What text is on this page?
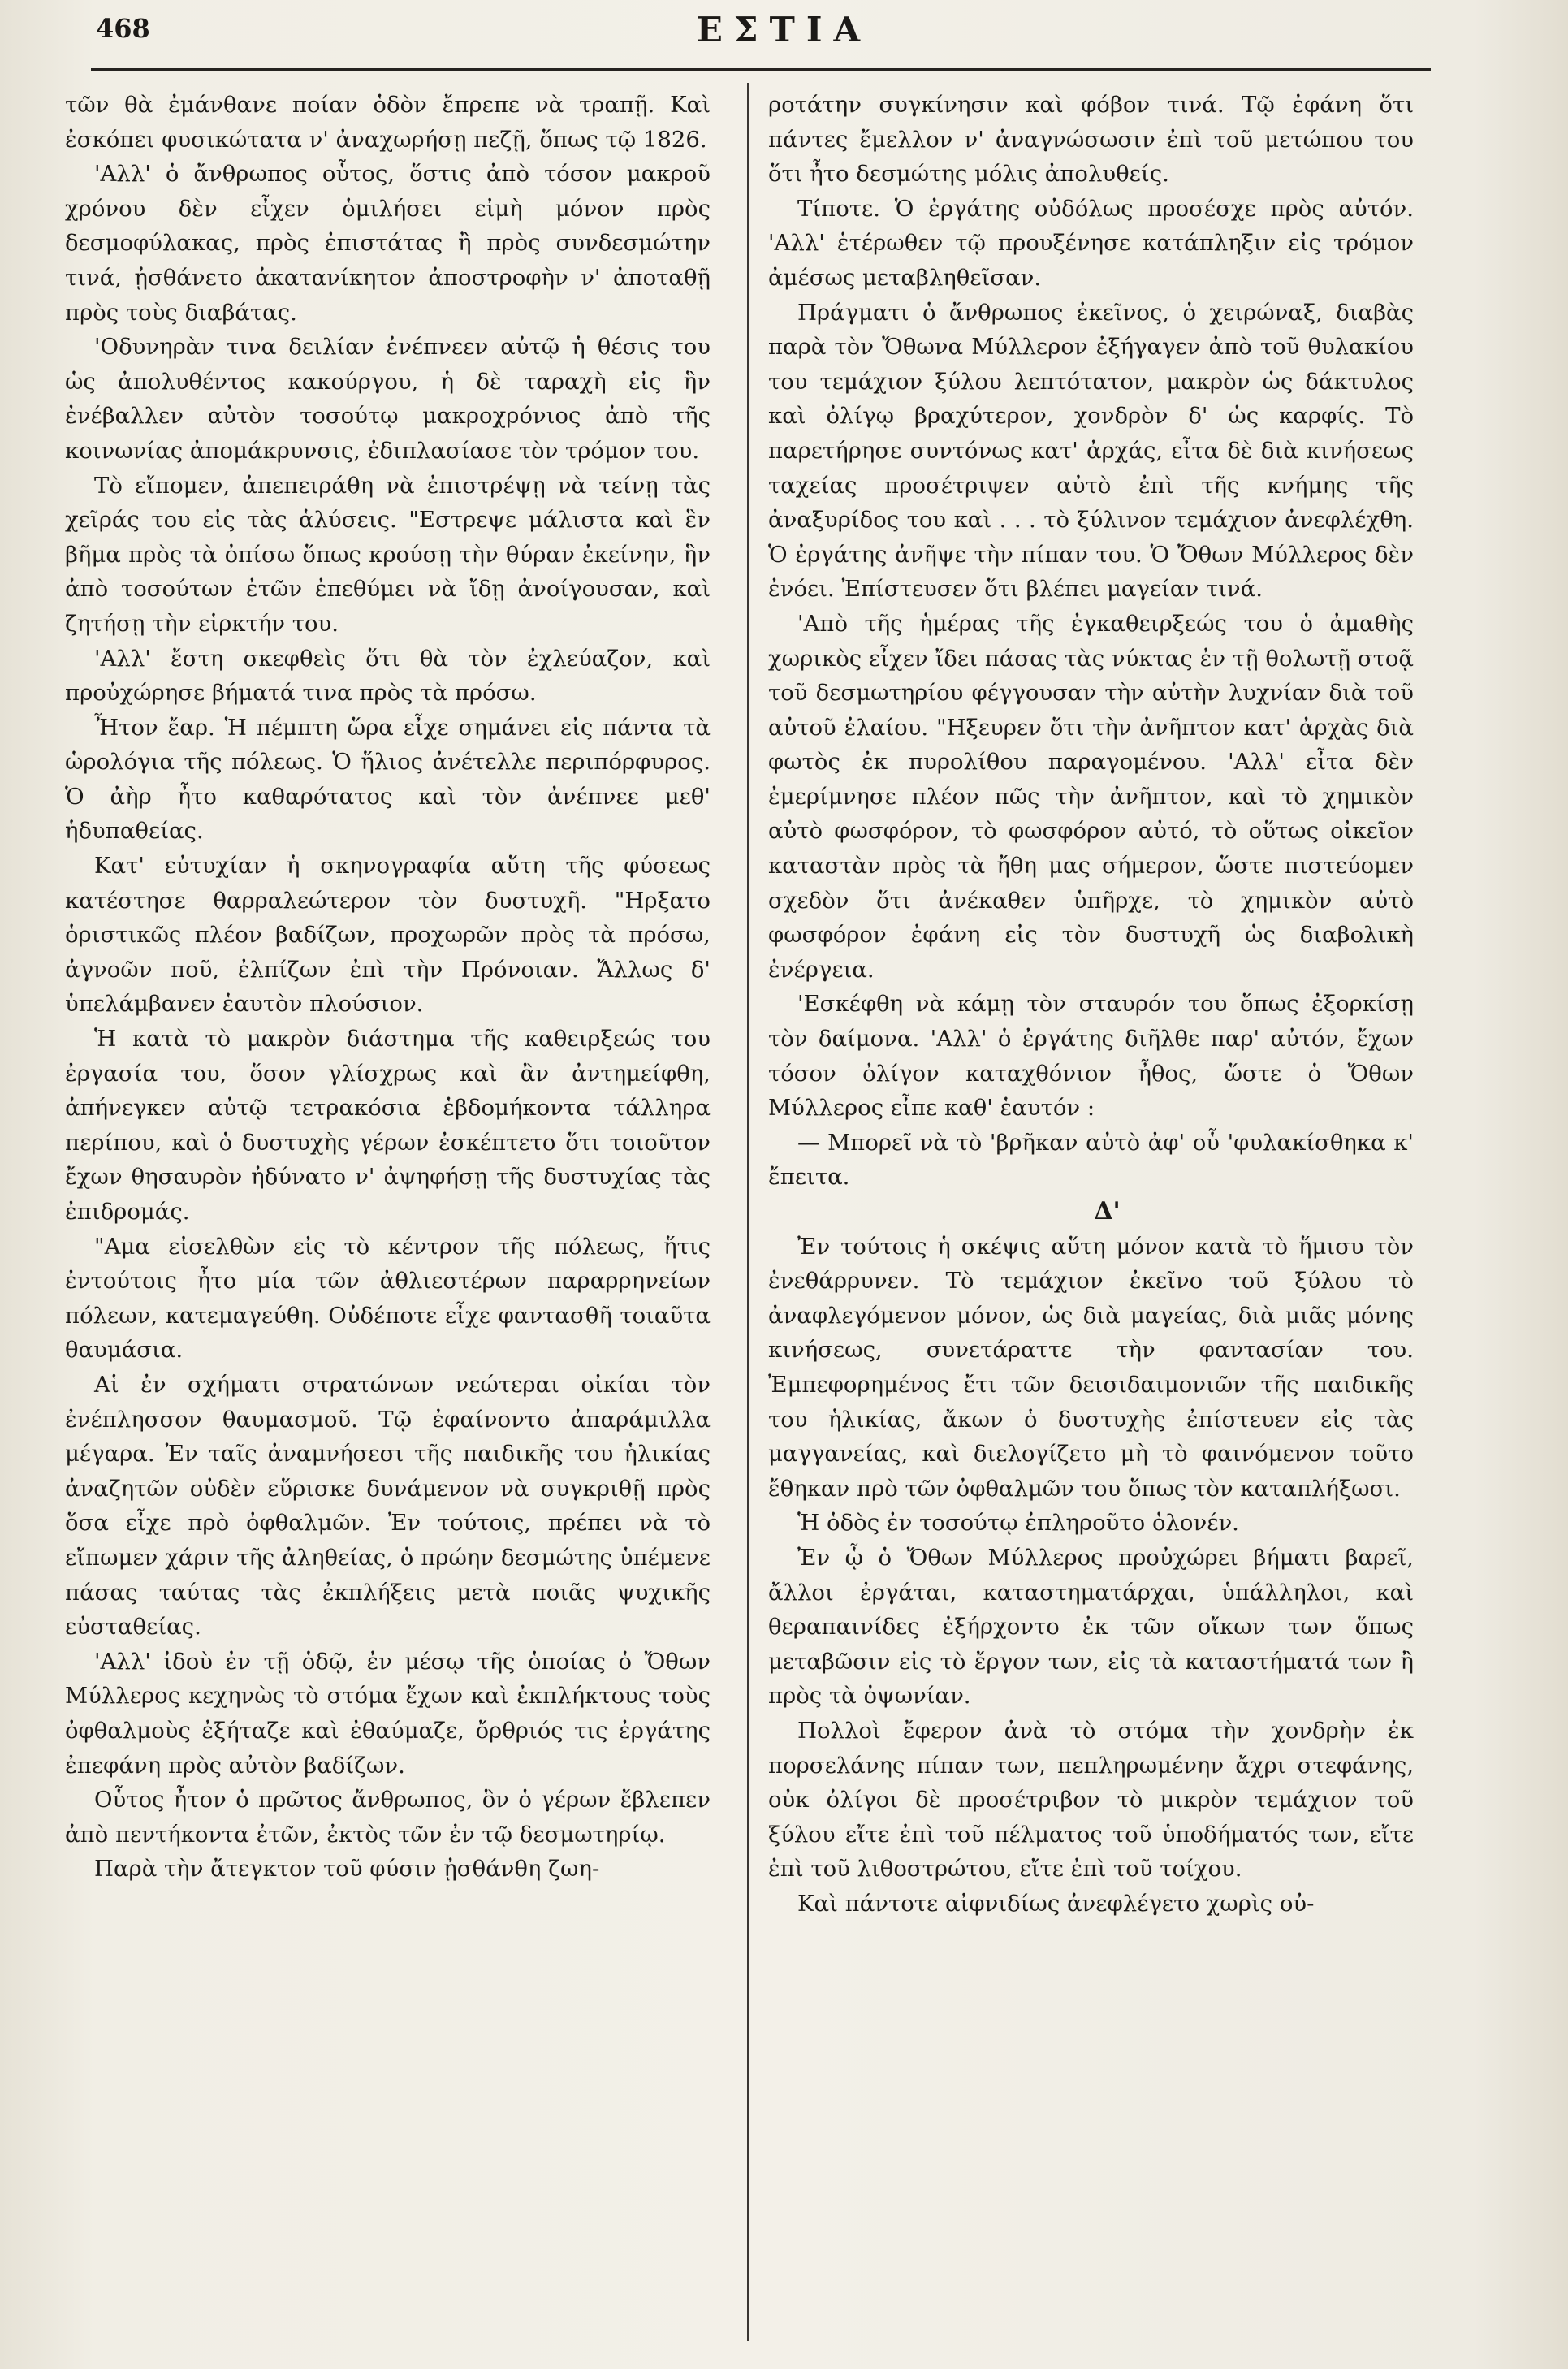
468	ΕΣΤΙΑ

τῶν θὰ ἐμάνθανε ποίαν ὁδὸν ἔπρεπε νὰ τραπῇ. Καὶ ἐσκόπει φυσικώτατα ν' ἀναχωρήσῃ πεζῇ, ὅπως τῷ 1826.

'Αλλ' ὁ ἄνθρωπος οὗτος, ὅστις ἀπὸ τόσον μακροῦ χρόνου δὲν εἶχεν ὁμιλήσει εἰμὴ μόνον πρὸς δεσμοφύλακας, πρὸς ἐπιστάτας ἢ πρὸς συνδεσμώτην τινά, ᾐσθάνετο ἀκατανίκητον ἀποστροφὴν ν' ἀποταθῇ πρὸς τοὺς διαβάτας.

'Οδυνηρὰν τινα δειλίαν ἐνέπνεεν αὐτῷ ἡ θέσις του ὡς ἀπολυθέντος κακούργου, ἡ δὲ ταραχὴ εἰς ἣν ἐνέβαλλεν αὐτὸν τοσούτῳ μακροχρόνιος ἀπὸ τῆς κοινωνίας ἀπομάκρυνσις, ἐδιπλασίασε τὸν τρόμον του.

Τὸ εἴπομεν, ἀπεπειράθη νὰ ἐπιστρέψῃ νὰ τείνῃ τὰς χεῖράς του εἰς τὰς ἁλύσεις. "Εστρεψε μάλιστα καὶ ἓν βῆμα πρὸς τὰ ὀπίσω ὅπως κρούσῃ τὴν θύραν ἐκείνην, ἣν ἀπὸ τοσούτων ἐτῶν ἐπεθύμει νὰ ἴδῃ ἀνοίγουσαν, καὶ ζητήσῃ τὴν εἱρκτήν του.

'Αλλ' ἔστη σκεφθεὶς ὅτι θὰ τὸν ἐχλεύαζον, καὶ προὐχώρησε βήματά τινα πρὸς τὰ πρόσω.

Ἦτον ἔαρ. Ἡ πέμπτη ὥρα εἶχε σημάνει εἰς πάντα τὰ ὡρολόγια τῆς πόλεως. Ὁ ἥλιος ἀνέτελλε περιπόρφυρος. Ὁ ἀὴρ ἦτο καθαρότατος καὶ τὸν ἀνέπνεε μεθ' ἡδυπαθείας.

Κατ' εὐτυχίαν ἡ σκηνογραφία αὕτη τῆς φύσεως κατέστησε θαρραλεώτερον τὸν δυστυχῆ. "Ηρξατο ὁριστικῶς πλέον βαδίζων, προχωρῶν πρὸς τὰ πρόσω, ἀγνοῶν ποῦ, ἐλπίζων ἐπὶ τὴν Πρόνοιαν. Ἄλλως δ' ὑπελάμβανεν ἑαυτὸν πλούσιον.

Ἡ κατὰ τὸ μακρὸν διάστημα τῆς καθειρξεώς του ἐργασία του, ὅσον γλίσχρως καὶ ἂν ἀντημείφθη, ἀπήνεγκεν αὐτῷ τετρακόσια ἑβδομήκοντα τάλληρα περίπου, καὶ ὁ δυστυχὴς γέρων ἐσκέπτετο ὅτι τοιοῦτον ἔχων θησαυρὸν ἠδύνατο ν' ἀψηφήσῃ τῆς δυστυχίας τὰς ἐπιδρομάς.

"Αμα εἰσελθὼν εἰς τὸ κέντρον τῆς πόλεως, ἥτις ἐντούτοις ἦτο μία τῶν ἀθλιεστέρων παραρρηνείων πόλεων, κατεμαγεύθη. Οὐδέποτε εἶχε φαντασθῆ τοιαῦτα θαυμάσια.

Αἱ ἐν σχήματι στρατώνων νεώτεραι οἰκίαι τὸν ἐνέπλησσον θαυμασμοῦ. Τῷ ἐφαίνοντο ἀπαράμιλλα μέγαρα. Ἐν ταῖς ἀναμνήσεσι τῆς παιδικῆς του ἡλικίας ἀναζητῶν οὐδὲν εὕρισκε δυνάμενον νὰ συγκριθῇ πρὸς ὅσα εἶχε πρὸ ὀφθαλμῶν. Ἐν τούτοις, πρέπει νὰ τὸ εἴπωμεν χάριν τῆς ἀληθείας, ὁ πρώην δεσμώτης ὑπέμενε πάσας ταύτας τὰς ἐκπλήξεις μετὰ ποιᾶς ψυχικῆς εὐσταθείας.

'Αλλ' ἰδοὺ ἐν τῇ ὁδῷ, ἐν μέσῳ τῆς ὁποίας ὁ Ὄθων Μύλλερος κεχηνὼς τὸ στόμα ἔχων καὶ ἐκπλήκτους τοὺς ὀφθαλμοὺς ἐξήταζε καὶ ἐθαύμαζε, ὄρθριός τις ἐργάτης ἐπεφάνη πρὸς αὐτὸν βαδίζων.

Οὗτος ἦτον ὁ πρῶτος ἄνθρωπος, ὃν ὁ γέρων ἔβλεπεν ἀπὸ πεντήκοντα ἐτῶν, ἐκτὸς τῶν ἐν τῷ δεσμωτηρίῳ.

Παρὰ τὴν ἄτεγκτον τοῦ φύσιν ᾐσθάνθη ζωη-

ροτάτην συγκίνησιν καὶ φόβον τινά. Τῷ ἐφάνη ὅτι πάντες ἔμελλον ν' ἀναγνώσωσιν ἐπὶ τοῦ μετώπου του ὅτι ἦτο δεσμώτης μόλις ἀπολυθείς.

Τίποτε. Ὁ ἐργάτης οὐδόλως προσέσχε πρὸς αὐτόν. 'Αλλ' ἑτέρωθεν τῷ προυξένησε κατάπληξιν εἰς τρόμον ἀμέσως μεταβληθεῖσαν.

Πράγματι ὁ ἄνθρωπος ἐκεῖνος, ὁ χειρώναξ, διαβὰς παρὰ τὸν Ὄθωνα Μύλλερον ἐξήγαγεν ἀπὸ τοῦ θυλακίου του τεμάχιον ξύλου λεπτότατον, μακρὸν ὡς δάκτυλος καὶ ὀλίγῳ βραχύτερον, χονδρὸν δ' ὡς καρφίς. Τὸ παρετήρησε συντόνως κατ' ἀρχάς, εἶτα δὲ διὰ κινήσεως ταχείας προσέτριψεν αὐτὸ ἐπὶ τῆς κνήμης τῆς ἀναξυρίδος του καὶ . . . τὸ ξύλινον τεμάχιον ἀνεφλέχθη. Ὁ ἐργάτης ἀνῆψε τὴν πίπαν του. Ὁ Ὄθων Μύλλερος δὲν ἐνόει. Ἐπίστευσεν ὅτι βλέπει μαγείαν τινά.

'Απὸ τῆς ἡμέρας τῆς ἐγκαθειρξεώς του ὁ ἀμαθὴς χωρικὸς εἶχεν ἴδει πάσας τὰς νύκτας ἐν τῇ θολωτῇ στοᾷ τοῦ δεσμωτηρίου φέγγουσαν τὴν αὐτὴν λυχνίαν διὰ τοῦ αὐτοῦ ἐλαίου. "Ηξευρεν ὅτι τὴν ἀνῆπτον κατ' ἀρχὰς διὰ φωτὸς ἐκ πυρολίθου παραγομένου. 'Αλλ' εἶτα δὲν ἐμερίμνησε πλέον πῶς τὴν ἀνῆπτον, καὶ τὸ χημικὸν αὐτὸ φωσφόρον, τὸ φωσφόρον αὐτό, τὸ οὕτως οἰκεῖον καταστὰν πρὸς τὰ ἤθη μας σήμερον, ὥστε πιστεύομεν σχεδὸν ὅτι ἀνέκαθεν ὑπῆρχε, τὸ χημικὸν αὐτὸ φωσφόρον ἐφάνη εἰς τὸν δυστυχῆ ὡς διαβολικὴ ἐνέργεια.

'Εσκέφθη νὰ κάμῃ τὸν σταυρόν του ὅπως ἐξορκίσῃ τὸν δαίμονα. 'Αλλ' ὁ ἐργάτης διῆλθε παρ' αὐτόν, ἔχων τόσον ὀλίγον καταχθόνιον ἦθος, ὥστε ὁ Ὄθων Μύλλερος εἶπε καθ' ἑαυτόν :

— Μπορεῖ νὰ τὸ 'βρῆκαν αὐτὸ ἀφ' οὗ 'φυλακίσθηκα κ' ἔπειτα.

Δ'

Ἐν τούτοις ἡ σκέψις αὕτη μόνον κατὰ τὸ ἥμισυ τὸν ἐνεθάρρυνεν. Τὸ τεμάχιον ἐκεῖνο τοῦ ξύλου τὸ ἀναφλεγόμενον μόνον, ὡς διὰ μαγείας, διὰ μιᾶς μόνης κινήσεως, συνετάραττε τὴν φαντασίαν του. Ἐμπεφορημένος ἔτι τῶν δεισιδαιμονιῶν τῆς παιδικῆς του ἡλικίας, ἄκων ὁ δυστυχὴς ἐπίστευεν εἰς τὰς μαγγανείας, καὶ διελογίζετο μὴ τὸ φαινόμενον τοῦτο ἔθηκαν πρὸ τῶν ὀφθαλμῶν του ὅπως τὸν καταπλήξωσι.

Ἡ ὁδὸς ἐν τοσούτῳ ἐπληροῦτο ὁλονέν.

Ἐν ᾧ ὁ Ὄθων Μύλλερος προὐχώρει βήματι βαρεῖ, ἄλλοι ἐργάται, καταστηματάρχαι, ὑπάλληλοι, καὶ θεραπαινίδες ἐξήρχοντο ἐκ τῶν οἴκων των ὅπως μεταβῶσιν εἰς τὸ ἔργον των, εἰς τὰ καταστήματά των ἢ πρὸς τὰ ὀψωνίαν.

Πολλοὶ ἔφερον ἀνὰ τὸ στόμα τὴν χονδρὴν ἐκ πορσελάνης πίπαν των, πεπληρωμένην ἄχρι στεφάνης, οὐκ ὀλίγοι δὲ προσέτριβον τὸ μικρὸν τεμάχιον τοῦ ξύλου εἴτε ἐπὶ τοῦ πέλματος τοῦ ὑποδήματός των, εἴτε ἐπὶ τοῦ λιθοστρώτου, εἴτε ἐπὶ τοῦ τοίχου.

Καὶ πάντοτε αἰφνιδίως ἀνεφλέγετο χωρὶς οὐ-
